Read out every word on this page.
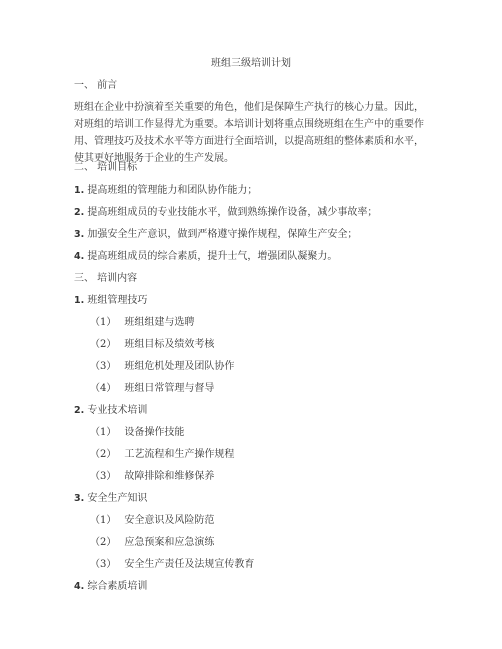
班组三级培训计划
一、 前言
班组在企业中扮演着至关重要的角色，他们是保障生产执行的核心力量。因此，对班组的培训工作显得尤为重要。本培训计划将重点围绕班组在生产中的重要作用、管理技巧及技术水平等方面进行全面培训，以提高班组的整体素质和水平，使其更好地服务于企业的生产发展。
二、 培训目标
1. 提高班组的管理能力和团队协作能力；
2. 提高班组成员的专业技能水平，做到熟练操作设备，减少事故率；
3. 加强安全生产意识，做到严格遵守操作规程，保障生产安全；
4. 提高班组成员的综合素质，提升士气，增强团队凝聚力。
三、 培训内容
1. 班组管理技巧
（1） 班组组建与选聘
（2） 班组目标及绩效考核
（3） 班组危机处理及团队协作
（4） 班组日常管理与督导
2. 专业技术培训
（1） 设备操作技能
（2） 工艺流程和生产操作规程
（3） 故障排除和维修保养
3. 安全生产知识
（1） 安全意识及风险防范
（2） 应急预案和应急演练
（3） 安全生产责任及法规宣传教育
4. 综合素质培训
